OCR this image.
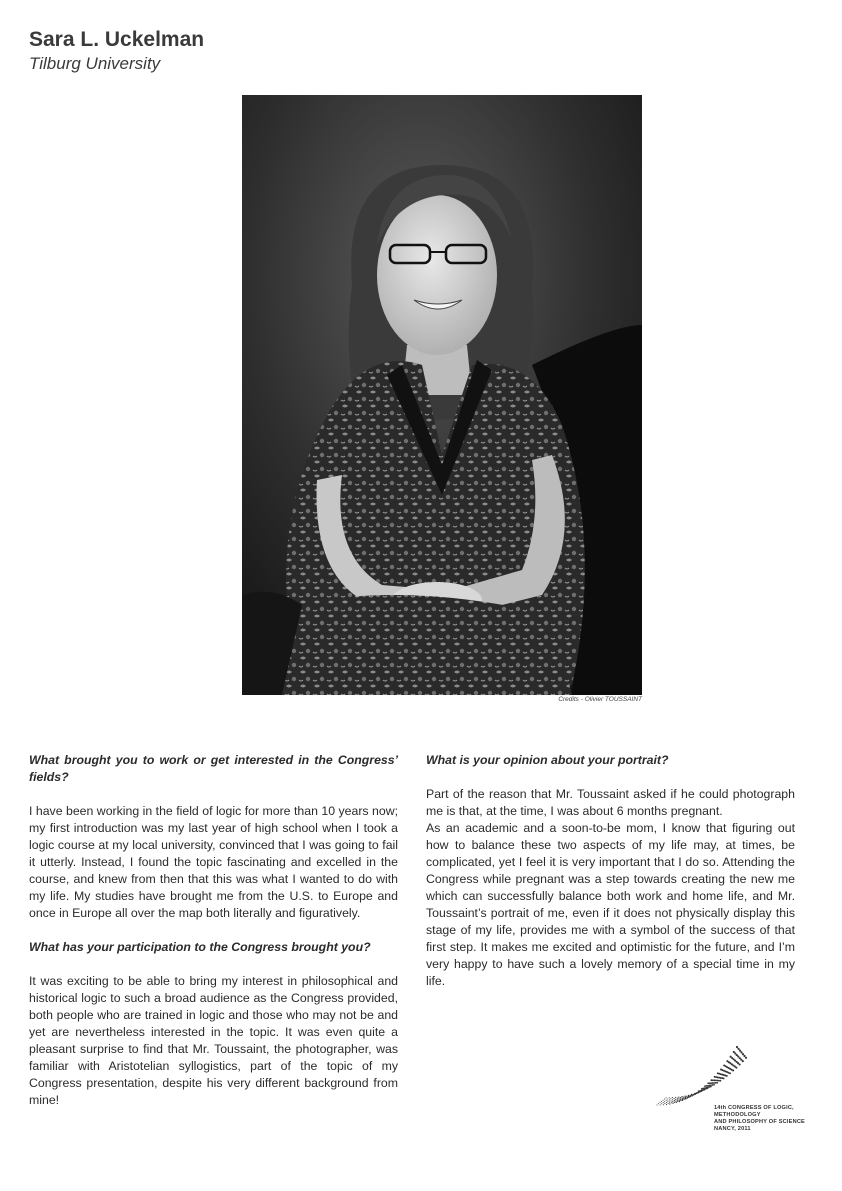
Sara L. Uckelman
Tilburg University
Credits - Olivier TOUSSAINT

What brought you to work or get interested in the Congress’ fields?

I have been working in the field of logic for more than 10 years now; my first introduction was my last year of high school when I took a logic course at my local university, convinced that I was going to fail it utterly. Instead, I found the topic fascinating and excelled in the course, and knew from then that this was what I wanted to do with my life. My studies have brought me from the U.S. to Europe and once in Europe all over the map both literally and figuratively.

What has your participation to the Congress brought you?

It was exciting to be able to bring my interest in philosophical and historical logic to such a broad audience as the Congress provided, both people who are trained in logic and those who may not be and yet are nevertheless interested in the topic. It was even quite a pleasant surprise to find that Mr. Toussaint, the photographer, was familiar with Aristotelian syllogistics, part of the topic of my Congress presentation, despite his very different background from mine!

What is your opinion about your portrait?

Part of the reason that Mr. Toussaint asked if he could photograph me is that, at the time, I was about 6 months pregnant.

As an academic and a soon-to-be mom, I know that figuring out how to balance these two aspects of my life may, at times, be complicated, yet I feel it is very important that I do so. Attending the Congress while pregnant was a step towards creating the new me which can successfully balance both work and home life, and Mr. Toussaint’s portrait of me, even if it does not physically display this stage of my life, provides me with a symbol of the success of that first step. It makes me excited and optimistic for the future, and I’m very happy to have such a lovely memory of a special time in my life.

14th CONGRESS OF LOGIC,
METHODOLOGY
AND PHILOSOPHY OF SCIENCE
NANCY, 2011
